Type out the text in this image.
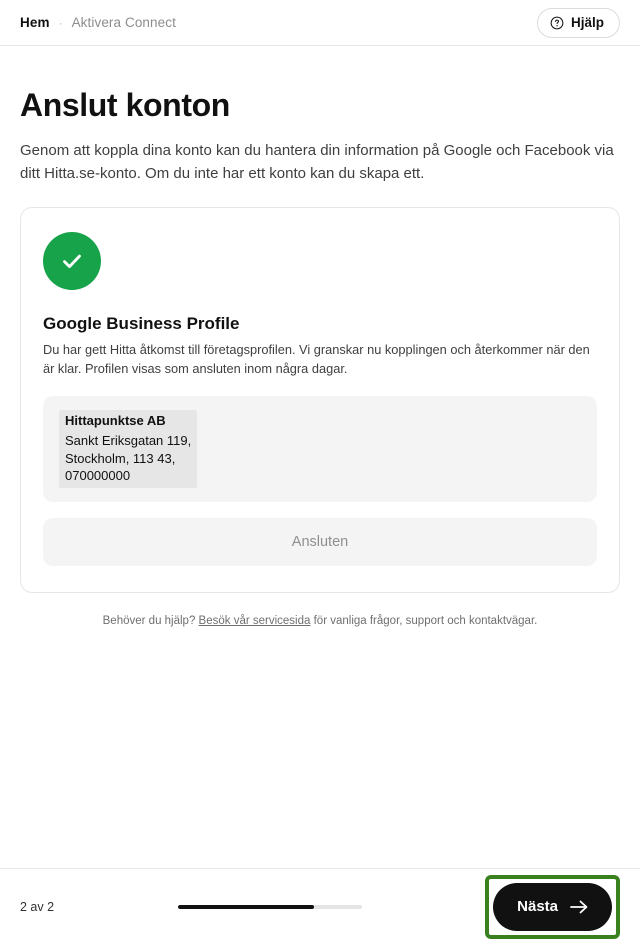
Hem · Aktivera Connect	Hjälp
Anslut konton

Genom att koppla dina konto kan du hantera din information på Google och Facebook via ditt Hitta.se-konto. Om du inte har ett konto kan du skapa ett.

Google Business Profile

Du har gett Hitta åtkomst till företagsprofilen. Vi granskar nu kopplingen och återkommer när den är klar. Profilen visas som ansluten inom några dagar.

Hittapunktse AB
Sankt Eriksgatan 119,
Stockholm, 113 43,
070000000
Ansluten
Behöver du hjälp? Besök vår servicesida för vanliga frågor, support och kontaktvägar.
2 av 2	Nästa
